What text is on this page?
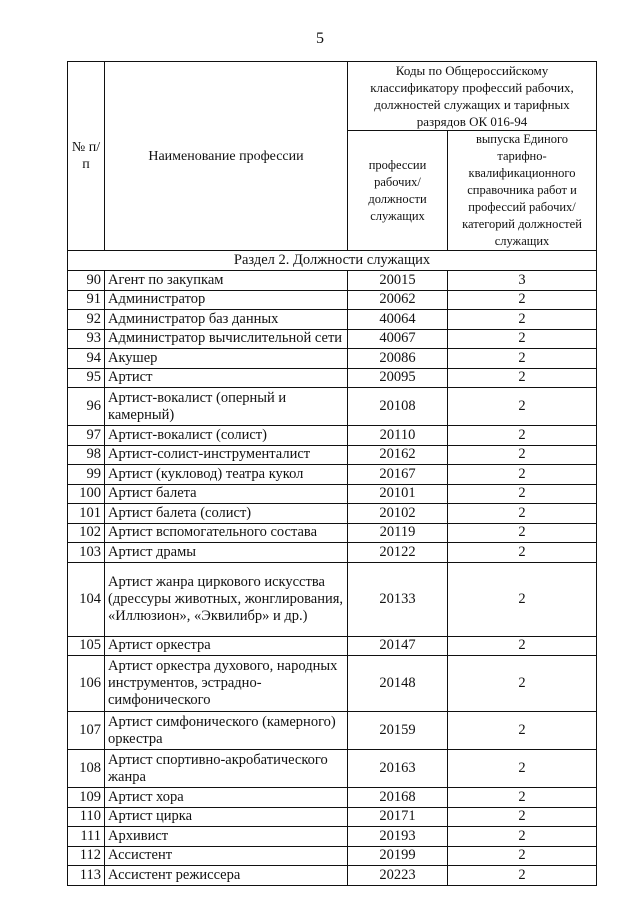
5
№ п/п	Наименование профессии	Коды по Общероссийскому классификатору профессий рабочих, должностей служащих и тарифных разрядов ОК 016-94	
		профессии рабочих/ должности служащих	выпуска Единого тарифно-квалификационного справочника работ и профессий рабочих/категорий должностей служащих
Раздел 2. Должности служащих			
90	Агент по закупкам	20015	3
91	Администратор	20062	2
92	Администратор баз данных	40064	2
93	Администратор вычислительной сети	40067	2
94	Акушер	20086	2
95	Артист	20095	2
96	Артист-вокалист (оперный и камерный)	20108	2
97	Артист-вокалист (солист)	20110	2
98	Артист-солист-инструменталист	20162	2
99	Артист (кукловод) театра кукол	20167	2
100	Артист балета	20101	2
101	Артист балета (солист)	20102	2
102	Артист вспомогательного состава	20119	2
103	Артист драмы	20122	2
104	Артист жанра циркового искусства (дрессуры животных, жонглирования, «Иллюзион», «Эквилибр» и др.)	20133	2
105	Артист оркестра	20147	2
106	Артист оркестра духового, народных инструментов, эстрадно-симфонического	20148	2
107	Артист симфонического (камерного) оркестра	20159	2
108	Артист спортивно-акробатического жанра	20163	2
109	Артист хора	20168	2
110	Артист цирка	20171	2
111	Архивист	20193	2
112	Ассистент	20199	2
113	Ассистент режиссера	20223	2
